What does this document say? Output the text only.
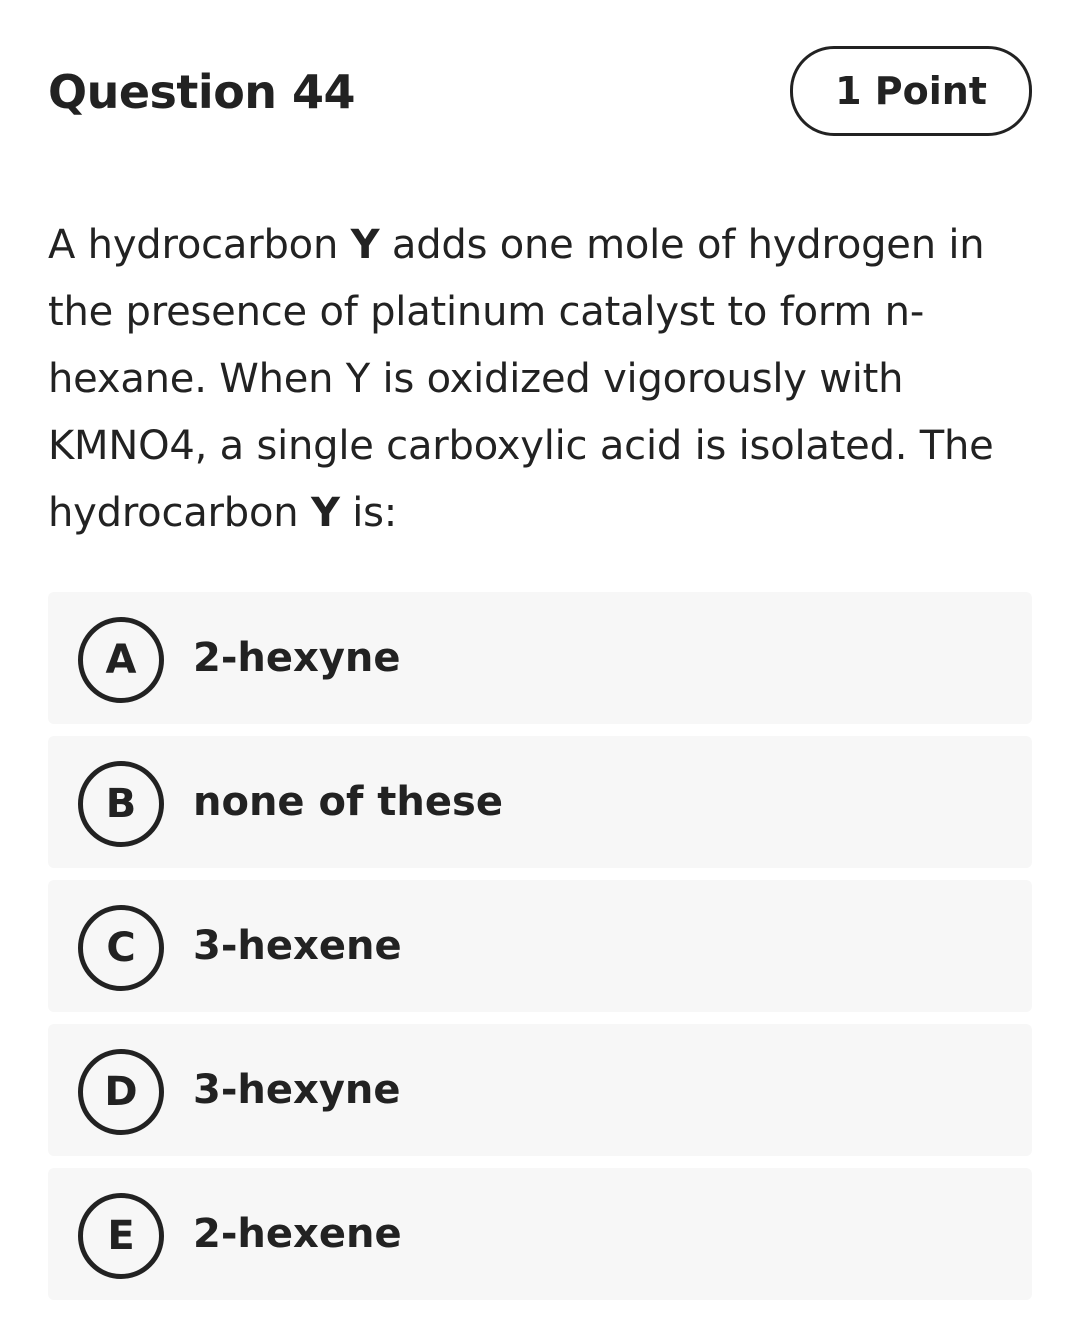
Question 44	1 Point
A hydrocarbon Y adds one mole of hydrogen in the presence of platinum catalyst to form n-hexane. When Y is oxidized vigorously with KMNO4, a single carboxylic acid is isolated. The hydrocarbon Y is:
A	2-hexyne
B	none of these
C	3-hexene
D	3-hexyne
E	2-hexene
